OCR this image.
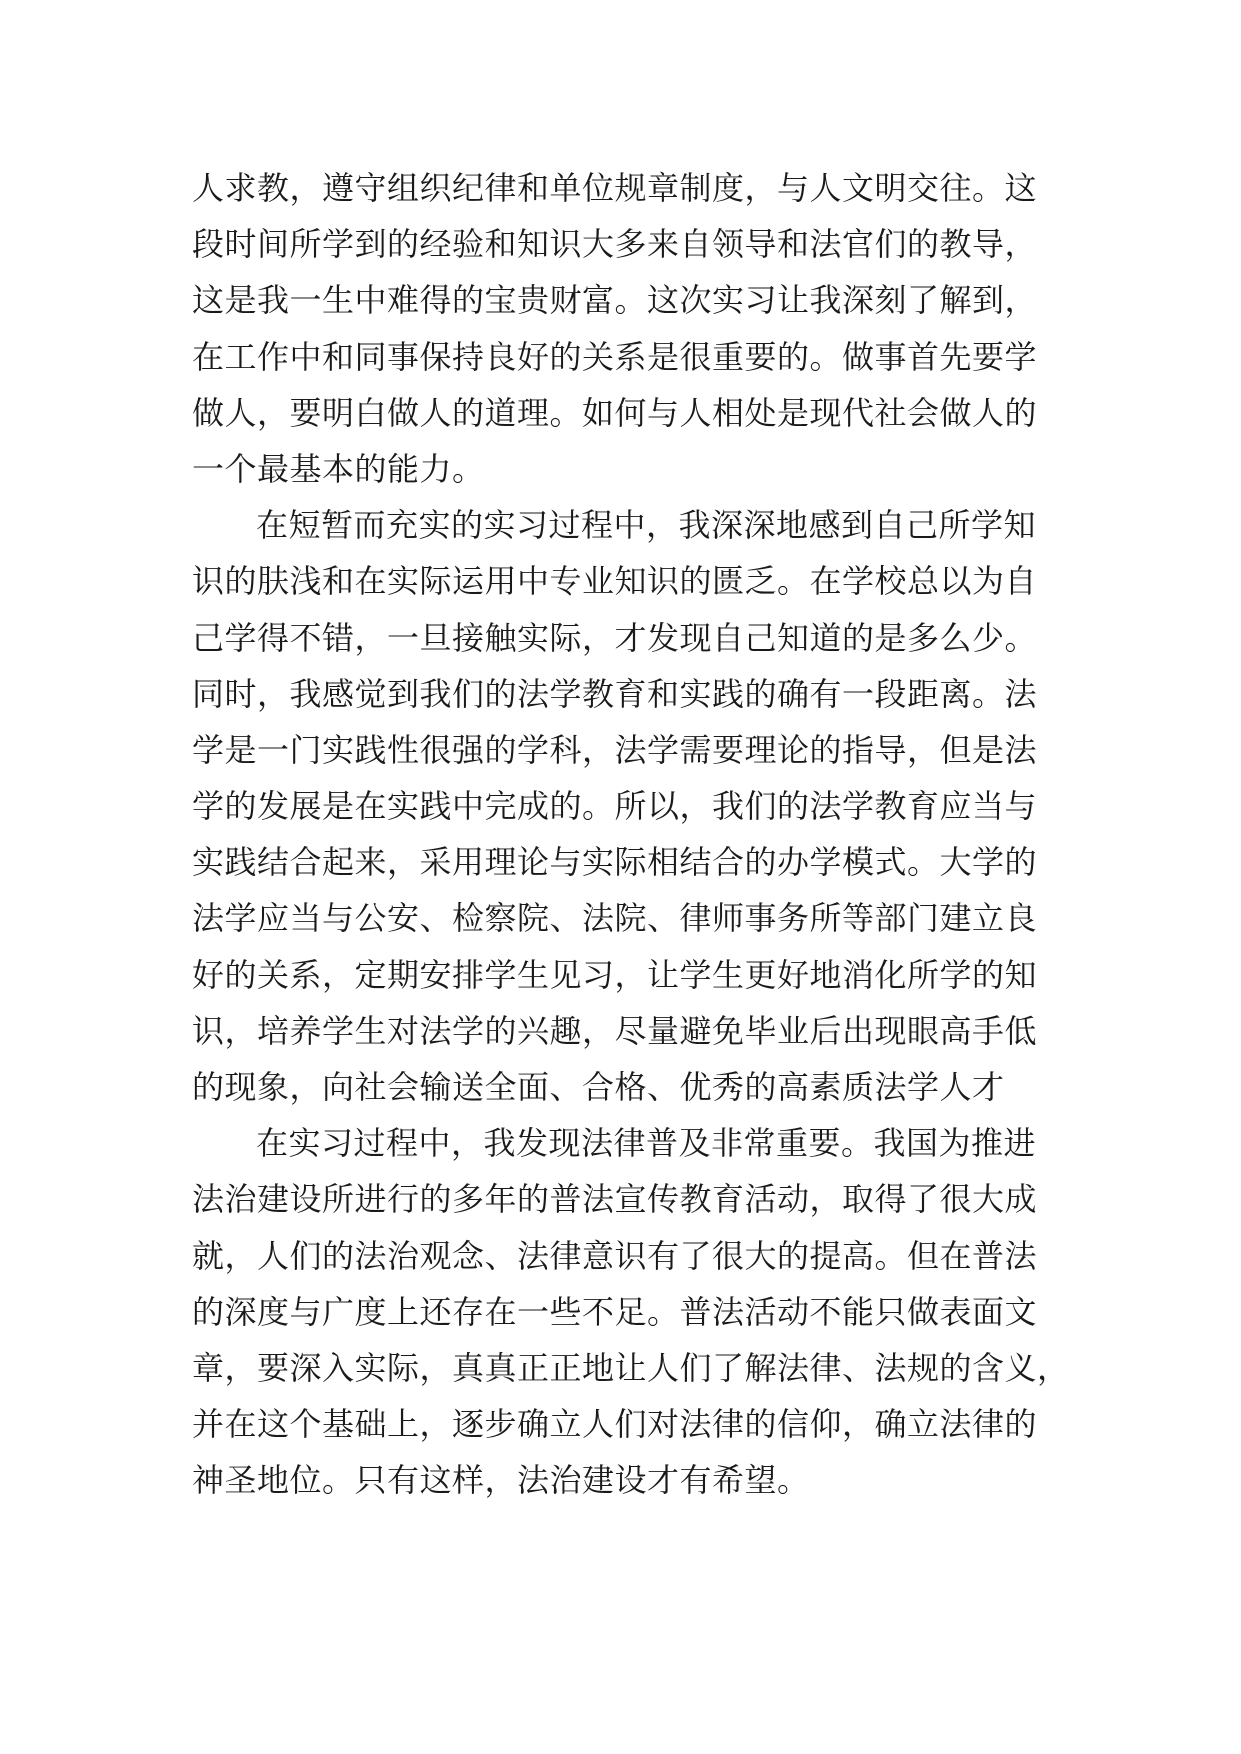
人求教，遵守组织纪律和单位规章制度，与人文明交往。这
段时间所学到的经验和知识大多来自领导和法官们的教导，
这是我一生中难得的宝贵财富。这次实习让我深刻了解到，
在工作中和同事保持良好的关系是很重要的。做事首先要学
做人，要明白做人的道理。如何与人相处是现代社会做人的
一个最基本的能力。
在短暂而充实的实习过程中，我深深地感到自己所学知
识的肤浅和在实际运用中专业知识的匮乏。在学校总以为自
己学得不错，一旦接触实际，才发现自己知道的是多么少。
同时，我感觉到我们的法学教育和实践的确有一段距离。法
学是一门实践性很强的学科，法学需要理论的指导，但是法
学的发展是在实践中完成的。所以，我们的法学教育应当与
实践结合起来，采用理论与实际相结合的办学模式。大学的
法学应当与公安、检察院、法院、律师事务所等部门建立良
好的关系，定期安排学生见习，让学生更好地消化所学的知
识，培养学生对法学的兴趣，尽量避免毕业后出现眼高手低
的现象，向社会输送全面、合格、优秀的高素质法学人才
在实习过程中，我发现法律普及非常重要。我国为推进
法治建设所进行的多年的普法宣传教育活动，取得了很大成
就，人们的法治观念、法律意识有了很大的提高。但在普法
的深度与广度上还存在一些不足。普法活动不能只做表面文
章，要深入实际，真真正正地让人们了解法律、法规的含义，
并在这个基础上，逐步确立人们对法律的信仰，确立法律的
神圣地位。只有这样，法治建设才有希望。
